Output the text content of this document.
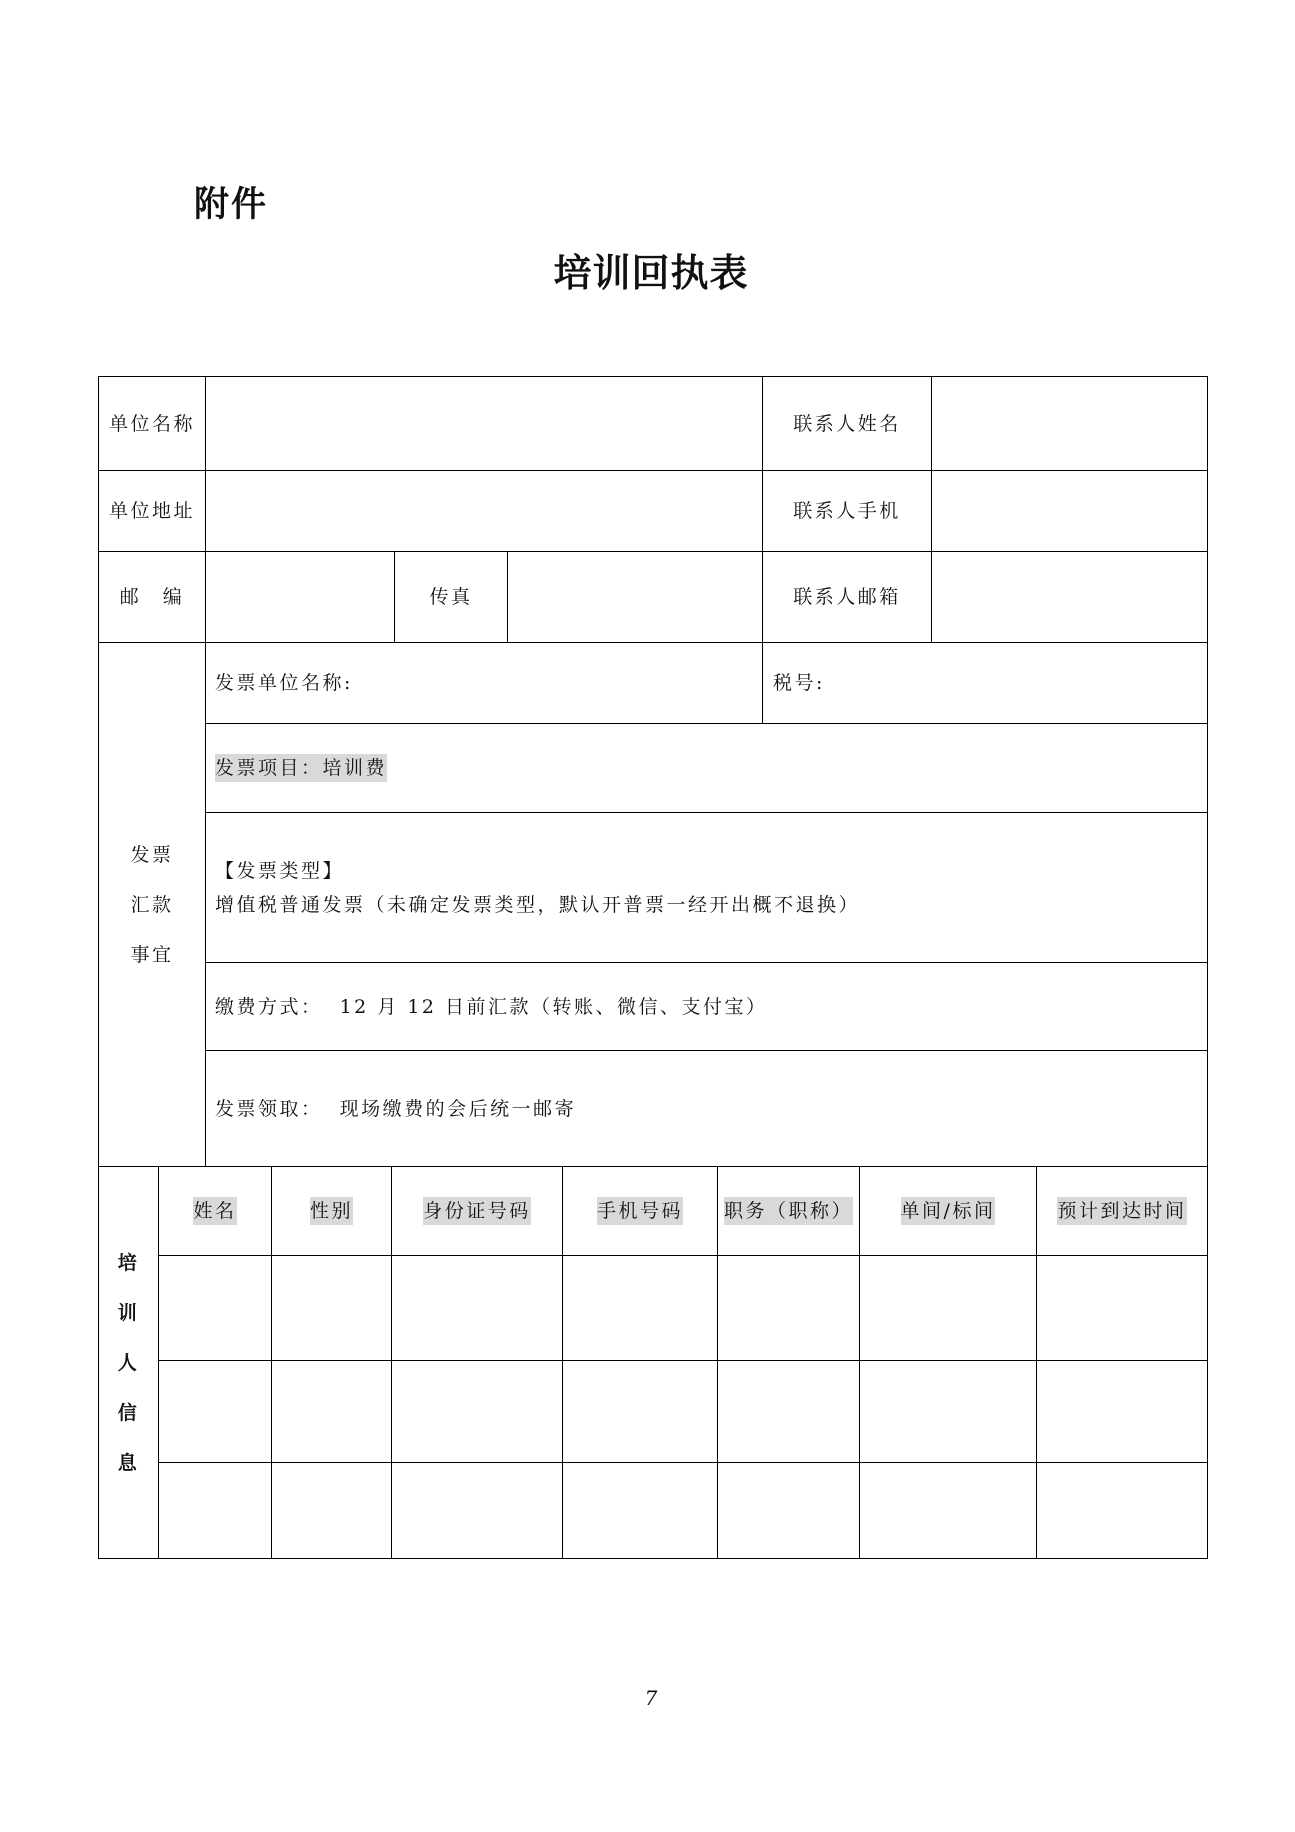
附件
培训回执表
单位名称	联系人姓名
单位地址	联系人手机
邮　编	传真	联系人邮箱
发票
汇款
事宜
发票单位名称:	税号:
发票项目：培训费
【发票类型】
增值税普通发票（未确定发票类型，默认开普票一经开出概不退换）
缴费方式：  12 月 12 日前汇款（转账、微信、支付宝）
发票领取：  现场缴费的会后统一邮寄
培
训
人
信
息
姓名	性别	身份证号码	手机号码 职务（职称）	单间/标间	预计到达时间
7
